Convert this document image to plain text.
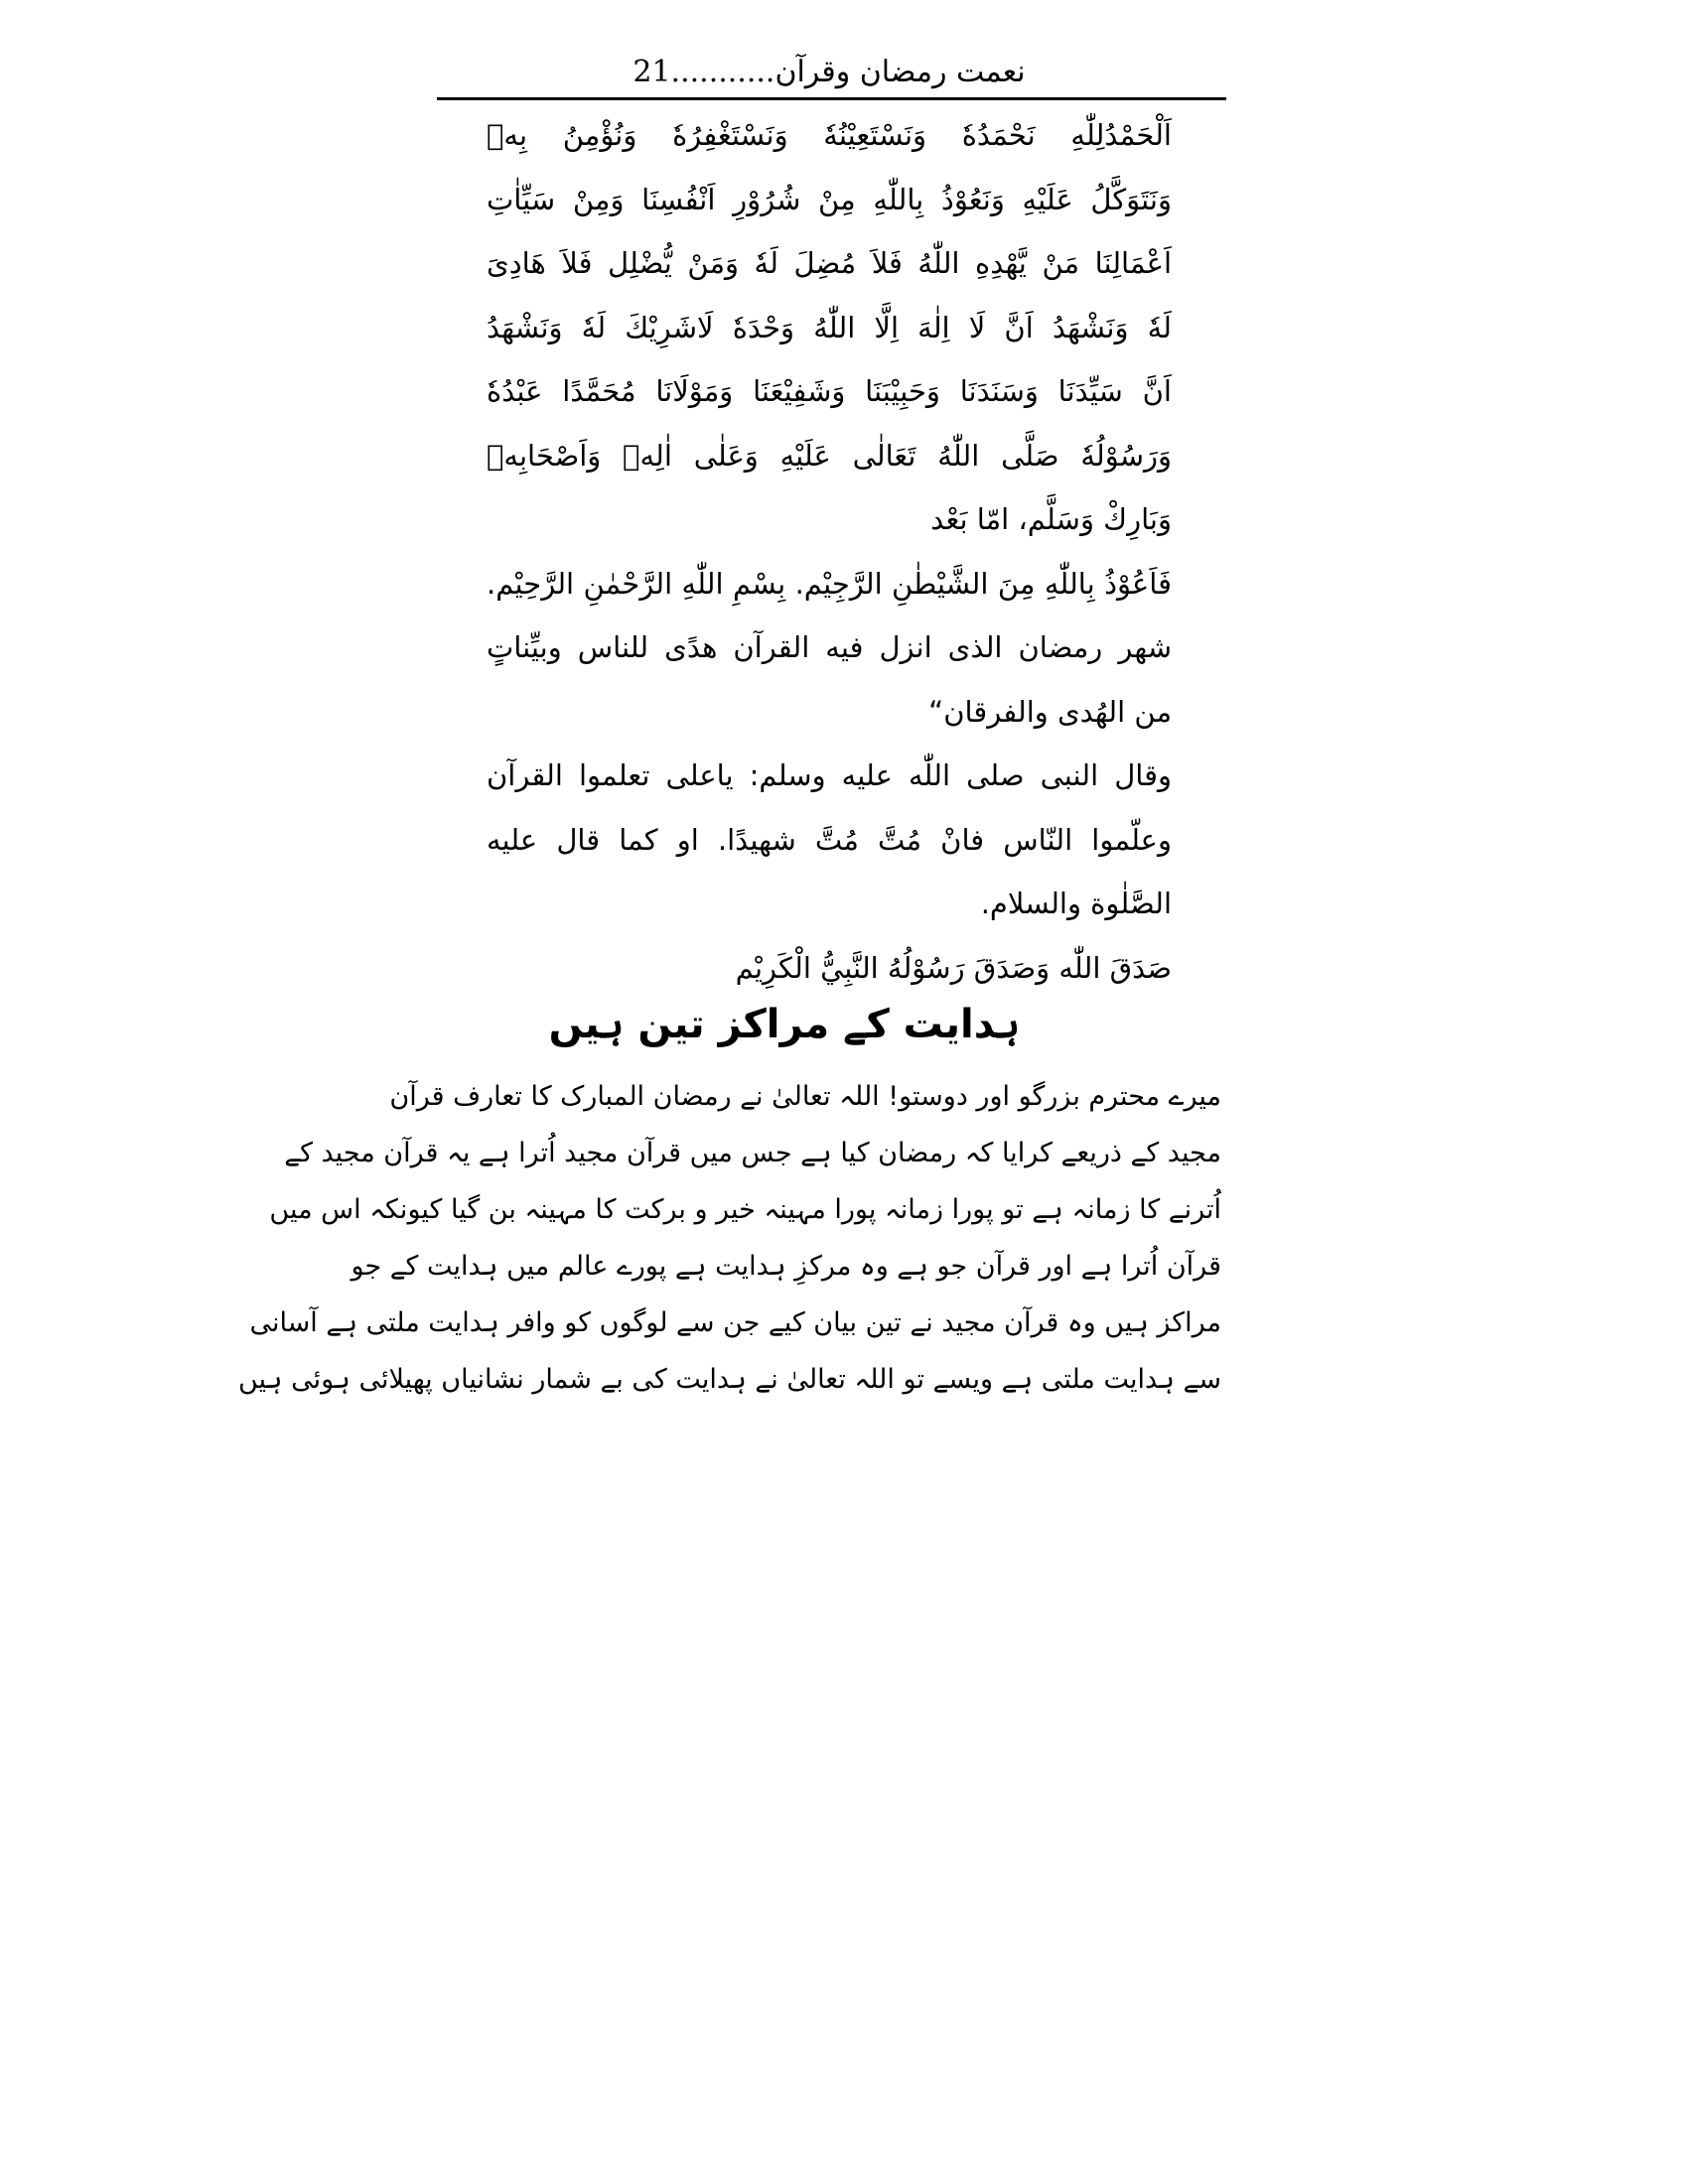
نعمت رمضان وقرآن...........21
اَلْحَمْدُلِلّٰهِ نَحْمَدُهٗ وَنَسْتَعِيْنُهٗ وَنَسْتَغْفِرُهٗ وَنُؤْمِنُ بِهٖ
وَنَتَوَكَّلُ عَلَيْهِ وَنَعُوْذُ بِاللّٰهِ مِنْ شُرُوْرِ اَنْفُسِنَا وَمِنْ سَيِّاٰتِ
اَعْمَالِنَا مَنْ يَّهْدِهِ اللّٰهُ فَلاَ مُضِلَ لَهٗ وَمَنْ يُّضْلِل فَلاَ هَادِىَ
لَهٗ وَنَشْهَدُ اَنَّ لَا اِلٰهَ اِلَّا اللّٰهُ وَحْدَهٗ لَاشَرِيْكَ لَهٗ وَنَشْهَدُ
اَنَّ سَيِّدَنَا وَسَنَدَنَا وَحَبِيْبَنَا وَشَفِيْعَنَا وَمَوْلَانَا مُحَمَّدًا عَبْدُهٗ
وَرَسُوْلُهٗ صَلَّى اللّٰهُ تَعَالٰى عَلَيْهِ وَعَلٰى اٰلِهٖ وَاَصْحَابِهٖ
وَبَارِكْ وَسَلَّم، امّا بَعْد
فَاَعُوْذُ بِاللّٰهِ مِنَ الشَّيْطٰنِ الرَّجِيْم. بِسْمِ اللّٰهِ الرَّحْمٰنِ الرَّحِيْم.
شهر رمضان الذى انزل فيه القرآن هدًى للناس وبيِّناتٍ
من الهُدى والفرقان“
وقال النبى صلى اللّٰه عليه وسلم: ياعلى تعلموا القرآن
وعلّموا النّاس فانْ مُتَّ مُتَّ شهيدًا. او كما قال عليه
الصَّلٰوة والسلام.
صَدَقَ اللّٰه وَصَدَقَ رَسُوْلُهُ النَّبِيُّ الْكَرِيْم
ہدایت کے مراکز تین ہیں
میرے محترم بزرگو اور دوستو! اللہ تعالیٰ نے رمضان المبارک کا تعارف قرآن
مجید کے ذریعے کرایا کہ رمضان کیا ہے جس میں قرآن مجید اُترا ہے یہ قرآن مجید کے
اُترنے کا زمانہ ہے تو پورا زمانہ پورا مہینہ خیر و برکت کا مہینہ بن گیا کیونکہ اس میں
قرآن اُترا ہے اور قرآن جو ہے وہ مرکزِ ہدایت ہے پورے عالم میں ہدایت کے جو
مراکز ہیں وہ قرآن مجید نے تین بیان کیے جن سے لوگوں کو وافر ہدایت ملتی ہے آسانی
سے ہدایت ملتی ہے ویسے تو اللہ تعالیٰ نے ہدایت کی بے شمار نشانیاں پھیلائی ہوئی ہیں
